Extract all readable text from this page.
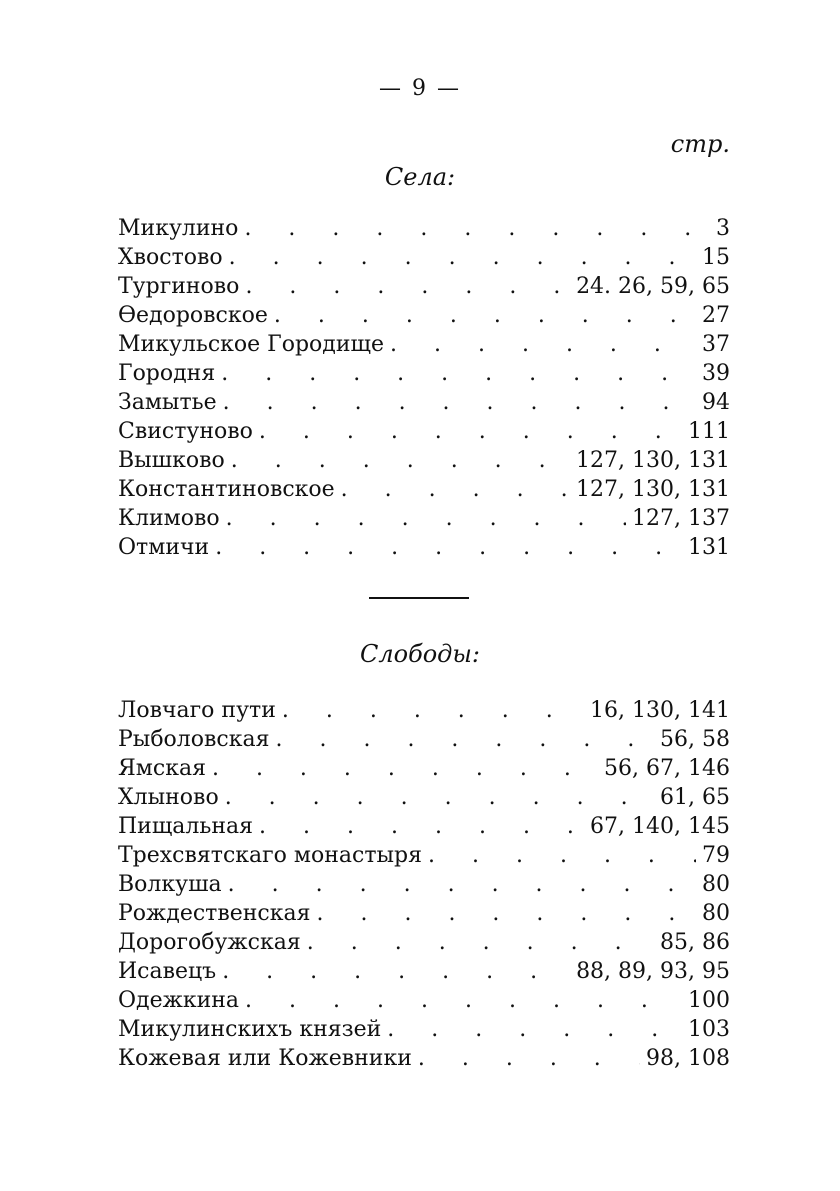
— 9 —
стр.
Села:
Микулино . . .	3
Хвостово . . .	15
Тургиново . . .	24. 26, 59, 65
Өедоровское . . .	27
Микульское Городище . . .	37
Городня . . .	39
Замытье . . .	94
Свистуново . . .	111
Вышково . . .	127, 130, 131
Константиновское . . .	127, 130, 131
Климово . . .	127, 137
Отмичи . . .	131
Слободы:
Ловчаго пути . . .	16, 130, 141
Рыболовская . . .	56, 58
Ямская . . .	56, 67, 146
Хлыново . . .	61, 65
Пищальная . . .	67, 140, 145
Трехсвятскаго монастыря . . .	79
Волкуша . . .	80
Рождественская . . .	80
Дорогобужская . . .	85, 86
Исавецъ . . .	88, 89, 93, 95
Одежкина . . .	100
Микулинскихъ князей . . .	103
Кожевая или Кожевники . . .	98, 108
